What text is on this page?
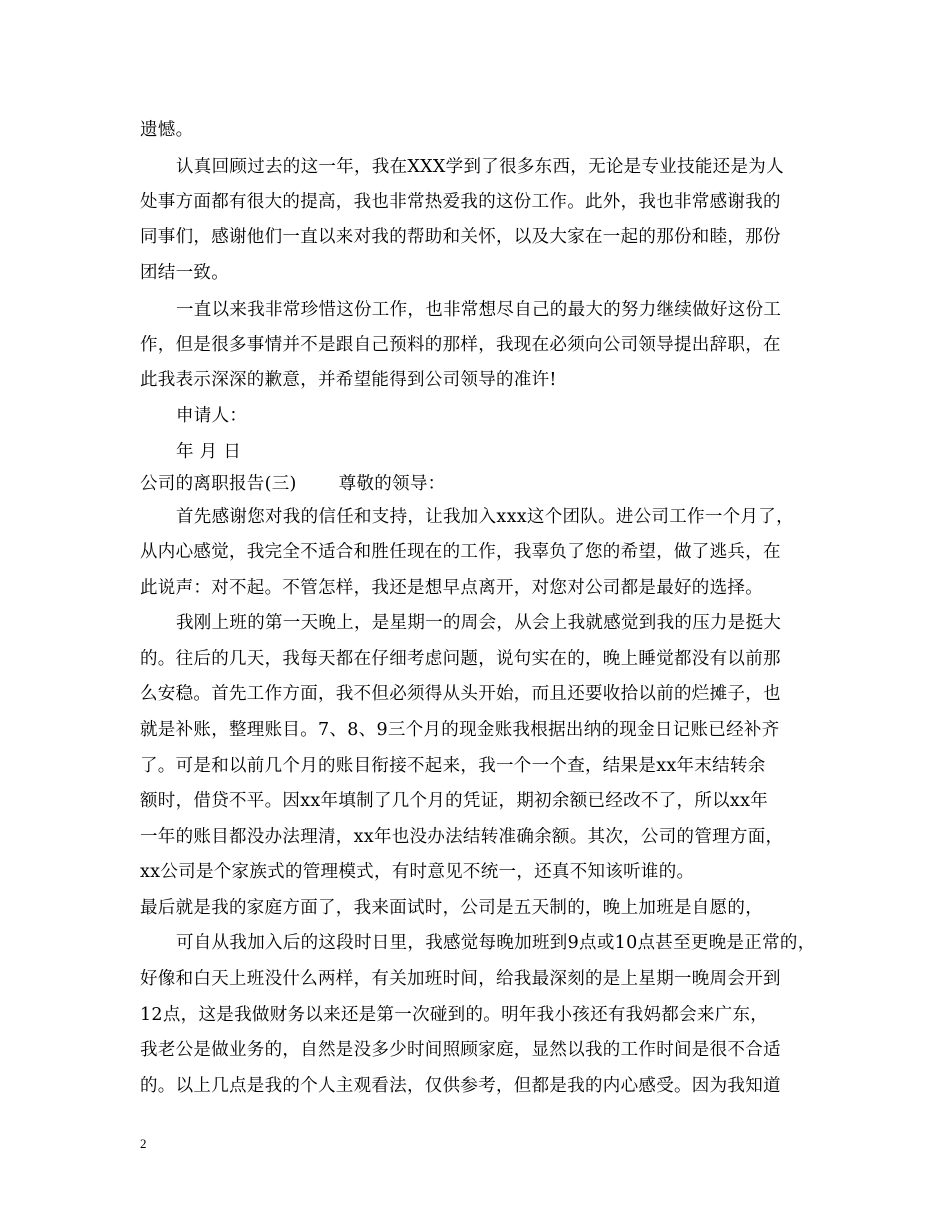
遗憾。
认真回顾过去的这一年，我在XXX学到了很多东西，无论是专业技能还是为人
处事方面都有很大的提高，我也非常热爱我的这份工作。此外，我也非常感谢我的
同事们，感谢他们一直以来对我的帮助和关怀，以及大家在一起的那份和睦，那份
团结一致。
一直以来我非常珍惜这份工作，也非常想尽自己的最大的努力继续做好这份工
作，但是很多事情并不是跟自己预料的那样，我现在必须向公司领导提出辞职，在
此我表示深深的歉意，并希望能得到公司领导的准许!
申请人：
年 月 日
公司的离职报告(三) 尊敬的领导：
首先感谢您对我的信任和支持，让我加入xxx这个团队。进公司工作一个月了，
从内心感觉，我完全不适合和胜任现在的工作，我辜负了您的希望，做了逃兵，在
此说声：对不起。不管怎样，我还是想早点离开，对您对公司都是最好的选择。
我刚上班的第一天晚上，是星期一的周会，从会上我就感觉到我的压力是挺大
的。往后的几天，我每天都在仔细考虑问题，说句实在的，晚上睡觉都没有以前那
么安稳。首先工作方面，我不但必须得从头开始，而且还要收拾以前的烂摊子，也
就是补账，整理账目。7、8、9三个月的现金账我根据出纳的现金日记账已经补齐
了。可是和以前几个月的账目衔接不起来，我一个一个查，结果是xx年末结转余
额时，借贷不平。因xx年填制了几个月的凭证，期初余额已经改不了，所以xx年
一年的账目都没办法理清，xx年也没办法结转准确余额。其次，公司的管理方面，
xx公司是个家族式的管理模式，有时意见不统一，还真不知该听谁的。
最后就是我的家庭方面了，我来面试时，公司是五天制的，晚上加班是自愿的，
可自从我加入后的这段时日里，我感觉每晚加班到9点或10点甚至更晚是正常的，
好像和白天上班没什么两样，有关加班时间，给我最深刻的是上星期一晚周会开到
12点，这是我做财务以来还是第一次碰到的。明年我小孩还有我妈都会来广东，
我老公是做业务的，自然是没多少时间照顾家庭，显然以我的工作时间是很不合适
的。以上几点是我的个人主观看法，仅供参考，但都是我的内心感受。因为我知道
2
